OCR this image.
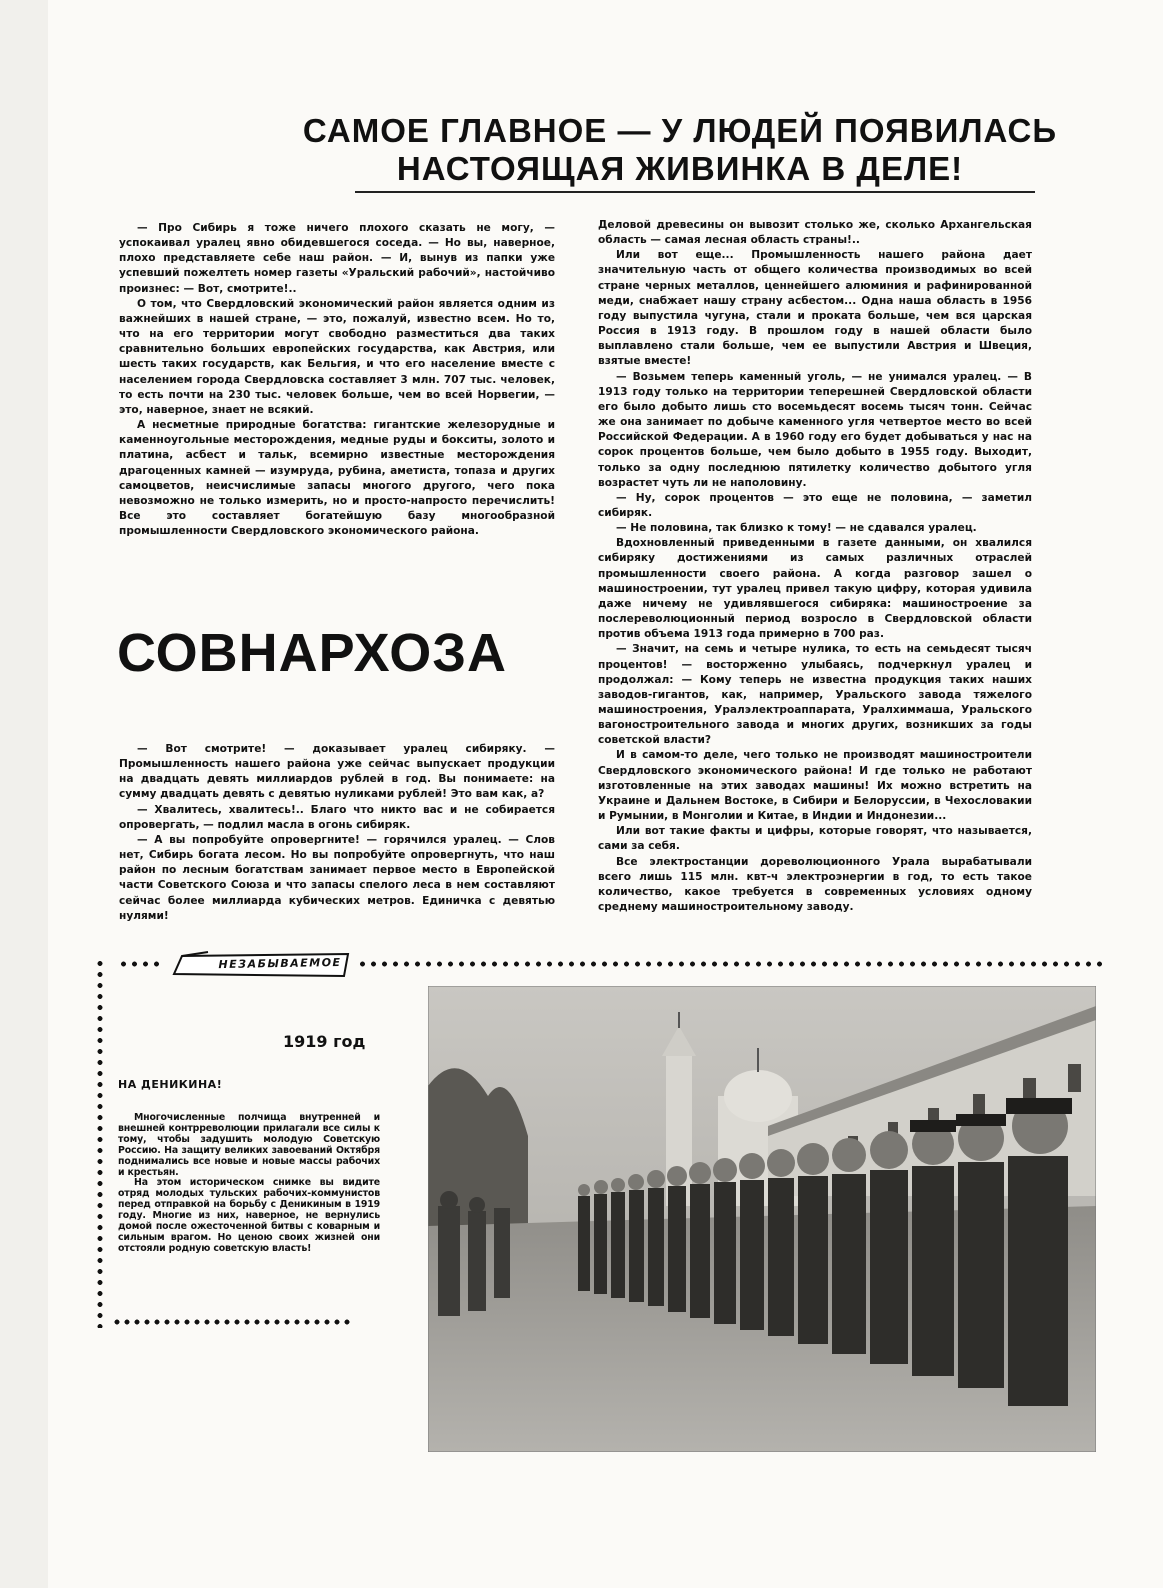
САМОЕ ГЛАВНОЕ — У ЛЮДЕЙ ПОЯВИЛАСЬ
НАСТОЯЩАЯ ЖИВИНКА В ДЕЛЕ!

— Про Сибирь я тоже ничего плохого сказать не могу, — успокаивал уралец явно обидевшегося соседа. — Но вы, наверное, плохо представляете себе наш район. — И, вынув из папки уже успевший пожелтеть номер газеты «Уральский рабочий», настойчиво произнес: — Вот, смотрите!..

О том, что Свердловский экономический район является одним из важнейших в нашей стране, — это, пожалуй, известно всем. Но то, что на его территории могут свободно разместиться два таких сравнительно больших европейских государства, как Австрия, или шесть таких государств, как Бельгия, и что его население вместе с населением города Свердловска составляет 3 млн. 707 тыс. человек, то есть почти на 230 тыс. человек больше, чем во всей Норвегии, — это, наверное, знает не всякий.

А несметные природные богатства: гигантские железорудные и каменноугольные месторождения, медные руды и бокситы, золото и платина, асбест и тальк, всемирно известные месторождения драгоценных камней — изумруда, рубина, аметиста, топаза и других самоцветов, неисчислимые запасы многого другого, чего пока невозможно не только измерить, но и просто-напросто перечислить! Все это составляет богатейшую базу многообразной промышленности Свердловского экономического района.

СОВНАРХОЗА

— Вот смотрите! — доказывает уралец сибиряку. — Промышленность нашего района уже сейчас выпускает продукции на двадцать девять миллиардов рублей в год. Вы понимаете: на сумму двадцать девять с девятью нуликами рублей! Это вам как, а?

— Хвалитесь, хвалитесь!.. Благо что никто вас и не собирается опровергать, — подлил масла в огонь сибиряк.

— А вы попробуйте опровергните! — горячился уралец. — Слов нет, Сибирь богата лесом. Но вы попробуйте опровергнуть, что наш район по лесным богатствам занимает первое место в Европейской части Советского Союза и что запасы спелого леса в нем составляют сейчас более миллиарда кубических метров. Единичка с девятью нулями!

Деловой древесины он вывозит столько же, сколько Архангельская область — самая лесная область страны!..

Или вот еще... Промышленность нашего района дает значительную часть от общего количества производимых во всей стране черных металлов, ценнейшего алюминия и рафинированной меди, снабжает нашу страну асбестом... Одна наша область в 1956 году выпустила чугуна, стали и проката больше, чем вся царская Россия в 1913 году. В прошлом году в нашей области было выплавлено стали больше, чем ее выпустили Австрия и Швеция, взятые вместе!

— Возьмем теперь каменный уголь, — не унимался уралец. — В 1913 году только на территории теперешней Свердловской области его было добыто лишь сто восемьдесят восемь тысяч тонн. Сейчас же она занимает по добыче каменного угля четвертое место во всей Российской Федерации. А в 1960 году его будет добываться у нас на сорок процентов больше, чем было добыто в 1955 году. Выходит, только за одну последнюю пятилетку количество добытого угля возрастет чуть ли не наполовину.

— Ну, сорок процентов — это еще не половина, — заметил сибиряк.

— Не половина, так близко к тому! — не сдавался уралец.

Вдохновленный приведенными в газете данными, он хвалился сибиряку достижениями из самых различных отраслей промышленности своего района. А когда разговор зашел о машиностроении, тут уралец привел такую цифру, которая удивила даже ничему не удивлявшегося сибиряка: машиностроение за послереволюционный период возросло в Свердловской области против объема 1913 года примерно в 700 раз.

— Значит, на семь и четыре нулика, то есть на семьдесят тысяч процентов! — восторженно улыбаясь, подчеркнул уралец и продолжал: — Кому теперь не известна продукция таких наших заводов-гигантов, как, например, Уральского завода тяжелого машиностроения, Уралэлектроаппарата, Уралхиммаша, Уральского вагоностроительного завода и многих других, возникших за годы советской власти?

И в самом-то деле, чего только не производят машиностроители Свердловского экономического района! И где только не работают изготовленные на этих заводах машины! Их можно встретить на Украине и Дальнем Востоке, в Сибири и Белоруссии, в Чехословакии и Румынии, в Монголии и Китае, в Индии и Индонезии...

Или вот такие факты и цифры, которые говорят, что называется, сами за себя.

Все электростанции дореволюционного Урала вырабатывали всего лишь 115 млн. квт-ч электроэнергии в год, то есть такое количество, какое требуется в современных условиях одному среднему машиностроительному заводу.

НЕЗАБЫВАЕМОЕ
1919 год
НА ДЕНИКИНА!

Многочисленные полчища внутренней и внешней контрреволюции прилагали все силы к тому, чтобы задушить молодую Советскую Россию. На защиту великих завоеваний Октября поднимались все новые и новые массы рабочих и крестьян.

На этом историческом снимке вы видите отряд молодых тульских рабочих-коммунистов перед отправкой на борьбу с Деникиным в 1919 году. Многие из них, наверное, не вернулись домой после ожесточенной битвы с коварным и сильным врагом. Но ценою своих жизней они отстояли родную советскую власть!
